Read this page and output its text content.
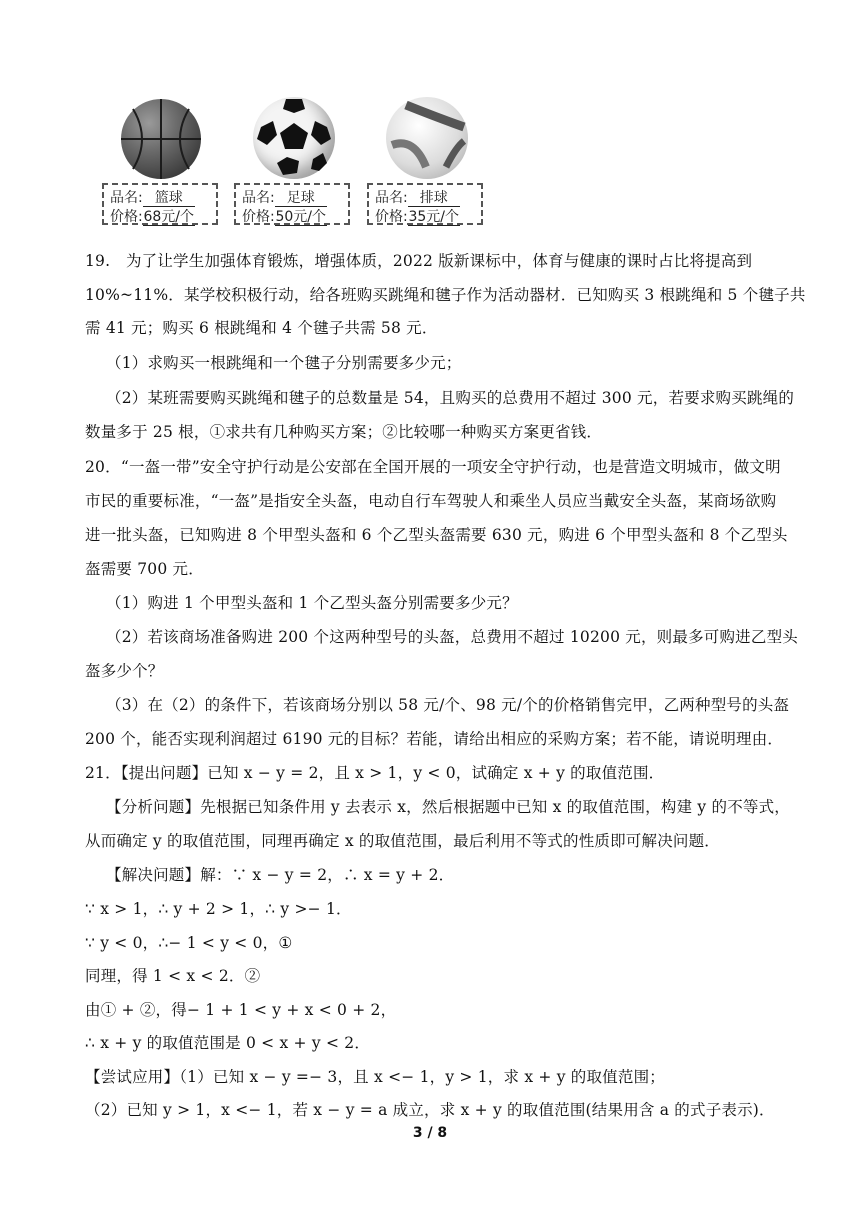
品名: 篮球
价格:68元/个
品名: 足球
价格:50元/个
品名: 排球
价格:35元/个
19.　为了让学生加强体育锻炼，增强体质，2022 版新课标中，体育与健康的课时占比将提高到
10%~11%．某学校积极行动，给各班购买跳绳和毽子作为活动器材．已知购买 3 根跳绳和 5 个毽子共
需 41 元；购买 6 根跳绳和 4 个毽子共需 58 元．
（1）求购买一根跳绳和一个毽子分别需要多少元；
（2）某班需要购买跳绳和毽子的总数量是 54，且购买的总费用不超过 300 元，若要求购买跳绳的
数量多于 25 根，①求共有几种购买方案；②比较哪一种购买方案更省钱．
20．“一盔一带”安全守护行动是公安部在全国开展的一项安全守护行动，也是营造文明城市，做文明
市民的重要标准，“一盔”是指安全头盔，电动自行车驾驶人和乘坐人员应当戴安全头盔，某商场欲购
进一批头盔，已知购进 8 个甲型头盔和 6 个乙型头盔需要 630 元，购进 6 个甲型头盔和 8 个乙型头
盔需要 700 元．
（1）购进 1 个甲型头盔和 1 个乙型头盔分别需要多少元？
（2）若该商场准备购进 200 个这两种型号的头盔，总费用不超过 10200 元，则最多可购进乙型头
盔多少个？
（3）在（2）的条件下，若该商场分别以 58 元/个、98 元/个的价格销售完甲，乙两种型号的头盔
200 个，能否实现利润超过 6190 元的目标？若能，请给出相应的采购方案；若不能，请说明理由．
21．【提出问题】已知 x − y = 2，且 x > 1，y < 0，试确定 x + y 的取值范围．
【分析问题】先根据已知条件用 y 去表示 x，然后根据题中已知 x 的取值范围，构建 y 的不等式，
从而确定 y 的取值范围，同理再确定 x 的取值范围，最后利用不等式的性质即可解决问题．
【解决问题】解：∵ x − y = 2，∴ x = y + 2．
∵ x > 1，∴ y + 2 > 1，∴ y >− 1．
∵ y < 0，∴− 1 < y < 0，①
同理，得 1 < x < 2．②
由① + ②，得− 1 + 1 < y + x < 0 + 2，
∴ x + y 的取值范围是 0 < x + y < 2．
【尝试应用】（1）已知 x − y =− 3，且 x <− 1，y > 1，求 x + y 的取值范围；
（2）已知 y > 1，x <− 1，若 x − y = a 成立，求 x + y 的取值范围(结果用含 a 的式子表示)．
3 / 8
